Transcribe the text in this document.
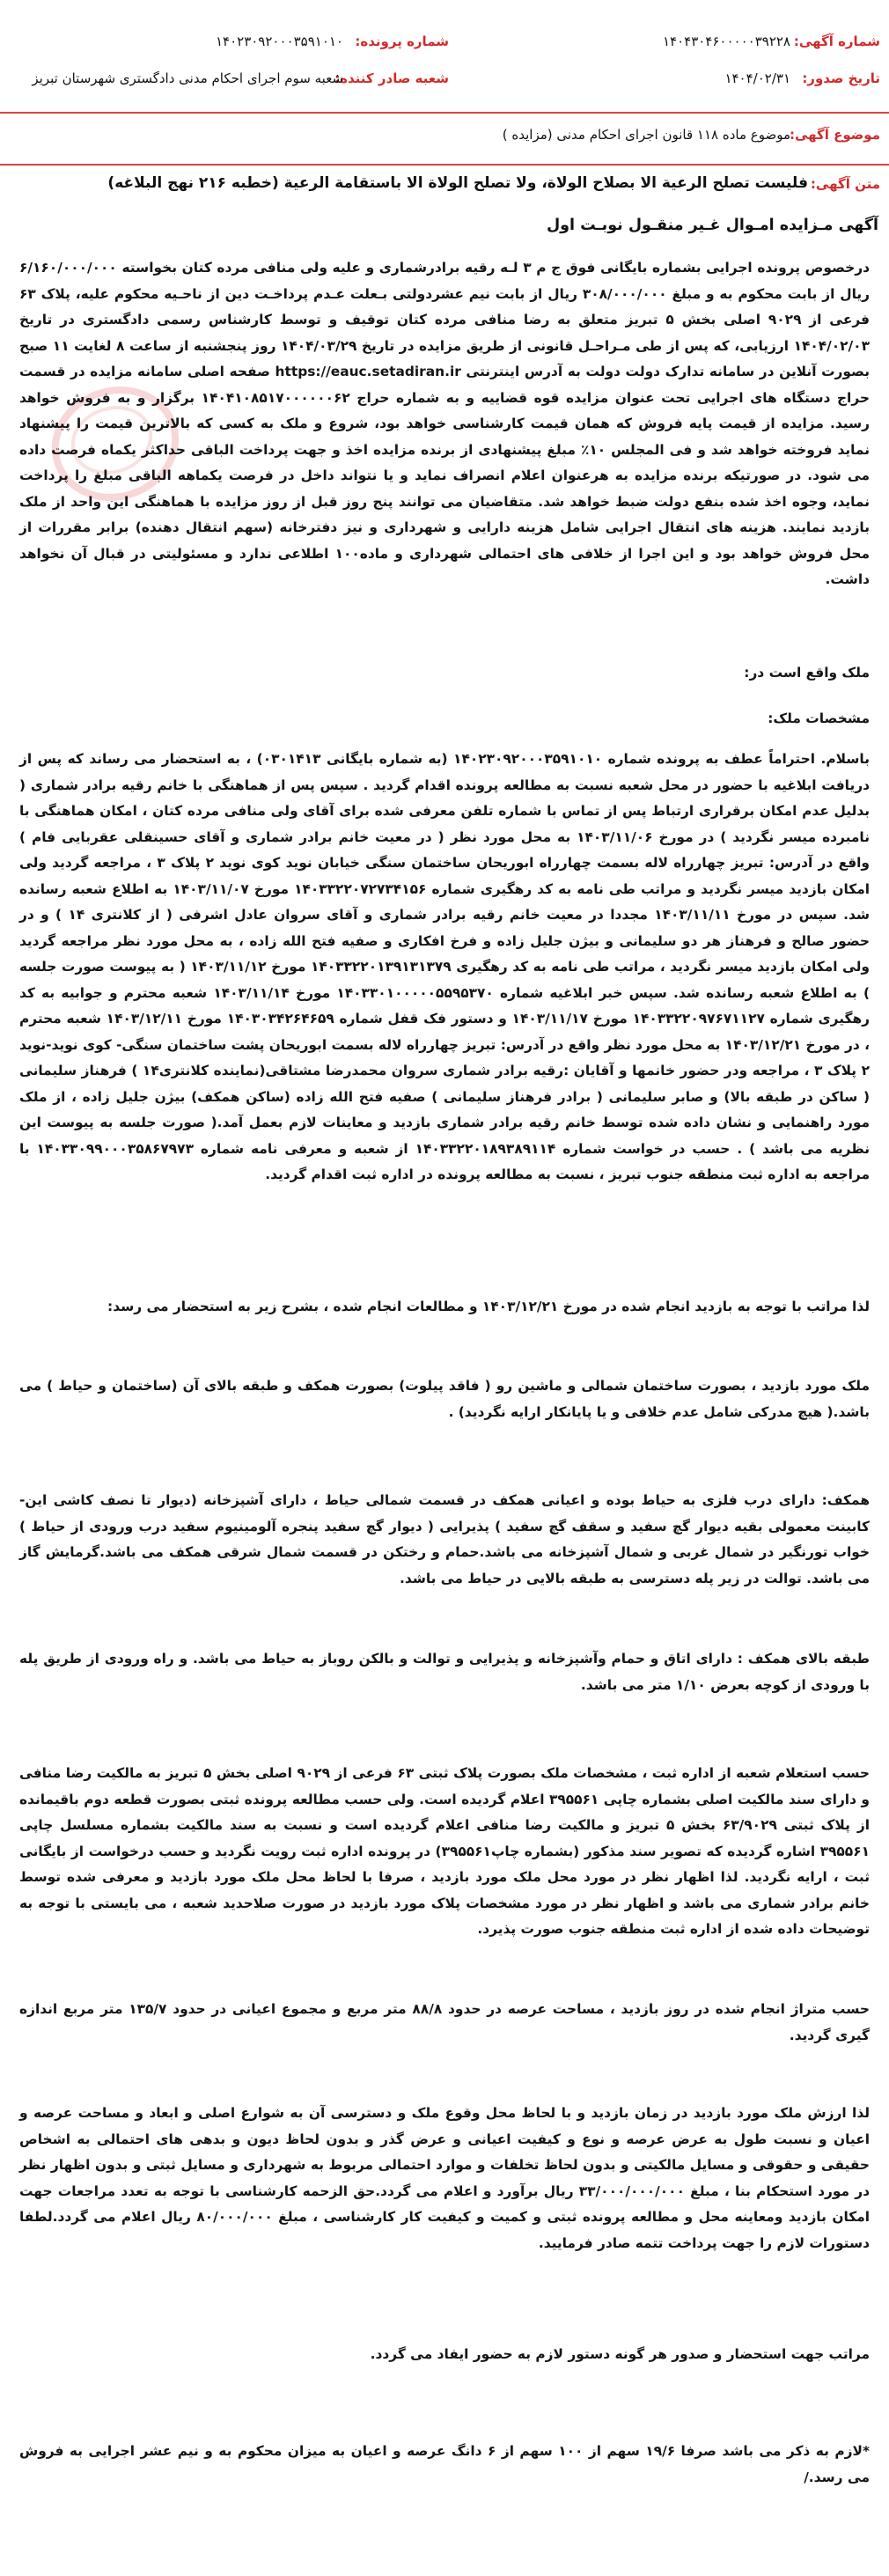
شماره آگهی:
۱۴۰۴۳۰۴۶۰۰۰۰۰۳۹۲۲۸
شماره پرونده:
۱۴۰۲۳۰۹۲۰۰۰۳۵۹۱۰۱۰
تاریخ صدور:
۱۴۰۴/۰۲/۳۱
شعبه صادر کننده:
شعبه سوم اجرای احکام مدنی دادگستری شهرستان تبریز
موضوع آگهی:
موضوع ماده ۱۱۸ قانون اجرای احکام مدنی (مزایده )
متن آگهی:
فلیست تصلح الرعیة الا بصلاح الولاة، ولا تصلح الولاة الا باستقامة الرعیة (خطبه ۲۱۶ نهج البلاغه)
آگهی مـزایده امـوال غـیر منقـول نوبـت اول
درخصوص پرونده اجرایی بشماره بایگانی فوق ج م ۳ لـه رقیه برادرشماری و علیه ولی منافی مرده کتان بخواسته ۶/۱۶۰/۰۰۰/۰۰۰ ریال از بابت محکوم به و مبلغ ۳۰۸/۰۰۰/۰۰۰ ریال از بابت نیم عشردولتی بـعلت عـدم پرداخـت دین از ناحـیه محکوم علیه، پلاک ۶۳ فرعی از ۹۰۲۹ اصلی بخش ۵ تبریز متعلق به رضا منافی مرده کتان توقیف و توسط کارشناس رسمی دادگستری در تاریخ ۱۴۰۴/۰۲/۰۳ ارزیابی، که پس از طی مـراحـل قانونی از طریق مزایده در تاریخ ۱۴۰۴/۰۳/۲۹ روز پنجشنبه از ساعت ۸ لغایت ۱۱ صبح بصورت آنلاین در سامانه تدارک دولت دولت به آدرس اینترنتی https://eauc.setadiran.ir صفحه اصلی سامانه مزایده در قسمت حراج دستگاه های اجرایی تحت عنوان مزایده قوه قضاییه و به شماره حراج ۱۴۰۴۱۰۸۵۱۷۰۰۰۰۰۰۶۲ برگزار و به فروش خواهد رسید. مزایده از قیمت پایه فروش که همان قیمت کارشناسی خواهد بود، شروع و ملک به کسی که بالاترین قیمت را پیشنهاد نماید فروخته خواهد شد و فی المجلس ۱۰٪ مبلغ پیشنهادی از برنده مزایده اخذ و جهت پرداخت الباقی حداکثر یکماه فرصت داده می شود. در صورتیکه برنده مزایده به هرعنوان اعلام انصراف نماید و یا نتواند داخل در فرصت یکماهه الباقی مبلغ را پرداخت نماید، وجوه اخذ شده بنفع دولت ضبط خواهد شد. متقاضیان می توانند پنج روز قبل از روز مزایده با هماهنگی این واحد از ملک بازدید نمایند. هزینه های انتقال اجرایی شامل هزینه دارایی و شهرداری و نیز دفترخانه (سهم انتقال دهنده) برابر مقررات از محل فروش خواهد بود و این اجرا از خلافی های احتمالی شهرداری و ماده۱۰۰ اطلاعی ندارد و مسئولیتی در قبال آن نخواهد داشت.
ملک واقع است در:
مشخصات ملک:
باسلام. احتراماً عطف به پرونده شماره ۱۴۰۲۳۰۹۲۰۰۰۳۵۹۱۰۱۰ (به شماره بایگانی ۰۳۰۱۴۱۳) ، به استحضار می رساند که پس از دریافت ابلاغیه با حضور در محل شعبه نسبت به مطالعه پرونده اقدام گردید . سپس پس از هماهنگی با خانم رقیه برادر شماری ( بدلیل عدم امکان برقراری ارتباط پس از تماس با شماره تلفن معرفی شده برای آقای ولی منافی مرده کتان ، امکان هماهنگی با نامبرده میسر نگردید ) در مورخ ۱۴۰۳/۱۱/۰۶ به محل مورد نظر ( در معیت خانم برادر شماری و آقای حسینقلی عقربایی فام ) واقع در آدرس: تبریز چهارراه لاله بسمت چهارراه ابوریحان ساختمان سنگی خیابان نوید کوی نوید ۲ پلاک ۳ ، مراجعه گردید ولی امکان بازدید میسر نگردید و مراتب طی نامه به کد رهگیری شماره ۱۴۰۳۳۲۲۰۷۲۷۳۴۱۵۶ مورخ ۱۴۰۳/۱۱/۰۷ به اطلاع شعبه رسانده شد. سپس در مورخ ۱۴۰۳/۱۱/۱۱ مجددا در معیت خانم رقیه برادر شماری و آقای سروان عادل اشرفی ( از کلانتری ۱۴ ) و در حضور صالح و فرهناز هر دو سلیمانی و بیژن جلیل زاده و فرخ افکاری و صفیه فتح الله زاده ، به محل مورد نظر مراجعه گردید ولی امکان بازدید میسر نگردید ، مراتب طی نامه به کد رهگیری ۱۴۰۳۳۲۲۰۱۳۹۱۳۱۳۷۹ مورخ ۱۴۰۳/۱۱/۱۲ ( به پیوست صورت جلسه ) به اطلاع شعبه رسانده شد. سپس خبر ابلاغیه شماره ۱۴۰۳۳۰۱۰۰۰۰۰۵۵۹۵۳۷۰ مورخ ۱۴۰۳/۱۱/۱۴ شعبه محترم و جوابیه به کد رهگیری شماره ۱۴۰۳۳۲۲۰۹۷۶۷۱۱۲۷ مورخ ۱۴۰۳/۱۱/۱۷ و دستور فک قفل شماره ۱۴۰۳۰۳۴۲۶۴۶۵۹ مورخ ۱۴۰۳/۱۲/۱۱ شعبه محترم ، در مورخ ۱۴۰۳/۱۲/۲۱ به محل مورد نظر واقع در آدرس: تبریز چهارراه لاله بسمت ابوریحان پشت ساختمان سنگی- کوی نوید-نوید ۲ پلاک ۳ ، مراجعه ودر حضور خانمها و آقایان :رقیه برادر شماری سروان محمدرضا مشتاقی(نماینده کلانتری۱۴ ) فرهناز سلیمانی ( ساکن در طبقه بالا) و صابر سلیمانی ( برادر فرهناز سلیمانی ) صفیه فتح الله زاده (ساکن همکف) بیژن جلیل زاده ، از ملک مورد راهنمایی و نشان داده شده توسط خانم رقیه برادر شماری بازدید و معاینات لازم بعمل آمد.( صورت جلسه به پیوست این نظریه می باشد ) . حسب در خواست شماره ۱۴۰۳۳۲۲۰۱۸۹۳۸۹۱۱۴ از شعبه و معرفی نامه شماره ۱۴۰۳۳۰۹۹۰۰۰۳۵۸۶۷۹۷۳ با مراجعه به اداره ثبت منطقه جنوب تبریز ، نسبت به مطالعه پرونده در اداره ثبت اقدام گردید.
لذا مراتب با توجه به بازدید انجام شده در مورخ ۱۴۰۳/۱۲/۲۱ و مطالعات انجام شده ، بشرح زیر به استحضار می رسد:
ملک مورد بازدید ، بصورت ساختمان شمالی و ماشین رو ( فاقد پیلوت) بصورت همکف و طبقه بالای آن (ساختمان و حیاط ) می باشد.( هیچ مدرکی شامل عدم خلافی و یا پایانکار ارایه نگردید) .
همکف: دارای درب فلزی به حیاط بوده و اعیانی همکف در قسمت شمالی حیاط ، دارای آشپزخانه (دیوار تا نصف کاشی این-کابینت معمولی بقیه دیوار گچ سفید و سقف گچ سفید ) پذیرایی ( دیوار گچ سفید پنجره آلومینیوم سفید درب ورودی از حیاط ) خواب تورنگیر در شمال غربی و شمال آشپزخانه می باشد.حمام و رختکن در قسمت شمال شرقی همکف می باشد.گرمایش گاز می باشد. توالت در زیر پله دسترسی به طبقه بالایی در حیاط می باشد.
طبقه بالای همکف : دارای اتاق و حمام وآشپزخانه و پذیرایی و توالت و بالکن روباز به حیاط می باشد. و راه ورودی از طریق پله با ورودی از کوچه بعرض ۱/۱۰ متر می باشد.
حسب استعلام شعبه از اداره ثبت ، مشخصات ملک بصورت پلاک ثبتی ۶۳ فرعی از ۹۰۲۹ اصلی بخش ۵ تبریز به مالکیت رضا منافی و دارای سند مالکیت اصلی بشماره چاپی ۳۹۵۵۶۱ اعلام گردیده است. ولی حسب مطالعه پرونده ثبتی بصورت قطعه دوم باقیمانده از پلاک ثبتی ۶۳/۹۰۲۹ بخش ۵ تبریز و مالکیت رضا منافی اعلام گردیده است و نسبت به سند مالکیت بشماره مسلسل چاپی ۳۹۵۵۶۱ اشاره گردیده که تصویر سند مذکور (بشماره چاپ۳۹۵۵۶۱) در پرونده اداره ثبت رویت نگردید و حسب درخواست از بایگانی ثبت ، ارایه نگردید. لذا اظهار نظر در مورد محل ملک مورد بازدید ، صرفا با لحاظ محل ملک مورد بازدید و معرفی شده توسط خانم برادر شماری می باشد و اظهار نظر در مورد مشخصات پلاک مورد بازدید در صورت صلاحدید شعبه ، می بایستی با توجه به توضیحات داده شده از اداره ثبت منطقه جنوب صورت پذیرد.
حسب متراژ انجام شده در روز بازدید ، مساحت عرصه در حدود ۸۸/۸ متر مربع و مجموع اعیانی در حدود ۱۳۵/۷ متر مربع اندازه گیری گردید.
لذا ارزش ملک مورد بازدید در زمان بازدید و با لحاظ محل وقوع ملک و دسترسی آن به شوارع اصلی و ابعاد و مساحت عرصه و اعیان و نسبت طول به عرض عرصه و نوع و کیفیت اعیانی و عرض گذر و بدون لحاظ دیون و بدهی های احتمالی به اشخاص حقیقی و حقوقی و مسایل مالکیتی و بدون لحاظ تخلفات و موارد احتمالی مربوط به شهرداری و مسایل ثبتی و بدون اظهار نظر در مورد استحکام بنا ، مبلغ ۳۳/۰۰۰/۰۰۰/۰۰۰ ریال برآورد و اعلام می گردد.حق الزحمه کارشناسی با توجه به تعدد مراجعات جهت امکان بازدید ومعاینه محل و مطالعه پرونده ثبتی و کمیت و کیفیت کار کارشناسی ، مبلغ ۸۰/۰۰۰/۰۰۰ ریال اعلام می گردد.لطفا دستورات لازم را جهت پرداخت تتمه صادر فرمایید.
مراتب جهت استحضار و صدور هر گونه دستور لازم به حضور ایفاد می گردد.
*لازم به ذکر می باشد صرفا ۱۹/۶ سهم از ۱۰۰ سهم از ۶ دانگ عرصه و اعیان به میزان محکوم به و نیم عشر اجرایی به فروش می رسد./
